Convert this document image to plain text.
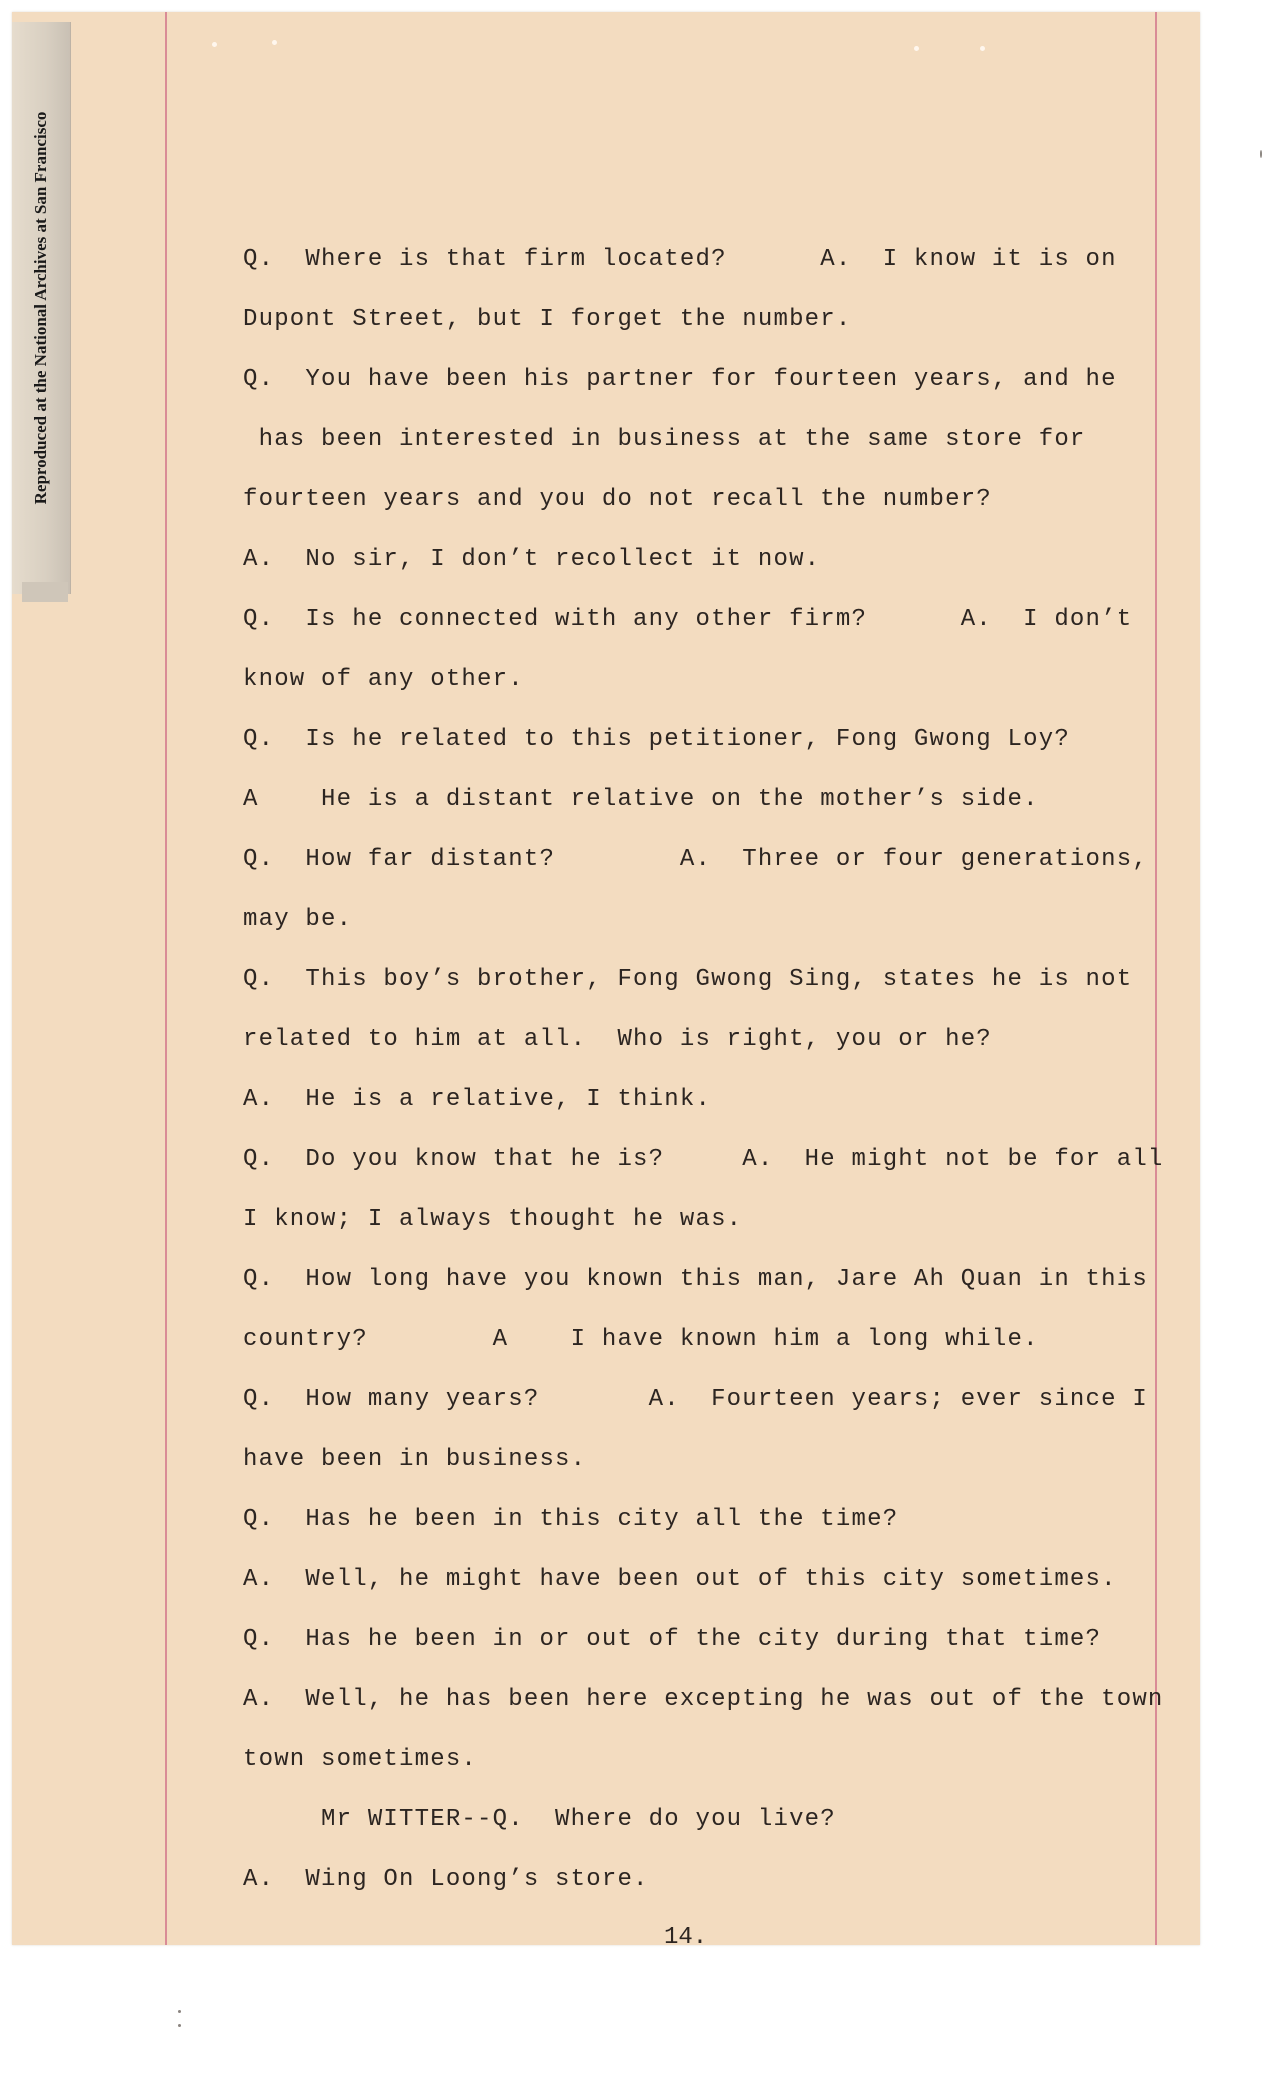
Reproduced at the National Archives at San Francisco	Q.  Where is that firm located?      A.  I know it is on
Dupont Street, but I forget the number.
Q.  You have been his partner for fourteen years, and he
has been interested in business at the same store for
fourteen years and you do not recall the number?
A.  No sir, I don’t recollect it now.
Q.  Is he connected with any other firm?      A.  I don’t
know of any other.
Q.  Is he related to this petitioner, Fong Gwong Loy?
A    He is a distant relative on the mother’s side.
Q.  How far distant?        A.  Three or four generations,
may be.
Q.  This boy’s brother, Fong Gwong Sing, states he is not
related to him at all.  Who is right, you or he?
A.  He is a relative, I think.
Q.  Do you know that he is?     A.  He might not be for all
I know; I always thought he was.
Q.  How long have you known this man, Jare Ah Quan in this
country?        A    I have known him a long while.
Q.  How many years?       A.  Fourteen years; ever since I
have been in business.
Q.  Has he been in this city all the time?
A.  Well, he might have been out of this city sometimes.
Q.  Has he been in or out of the city during that time?
A.  Well, he has been here excepting he was out of the town
town sometimes.
Mr WITTER--Q.  Where do you live?
A.  Wing On Loong’s store.
14.
